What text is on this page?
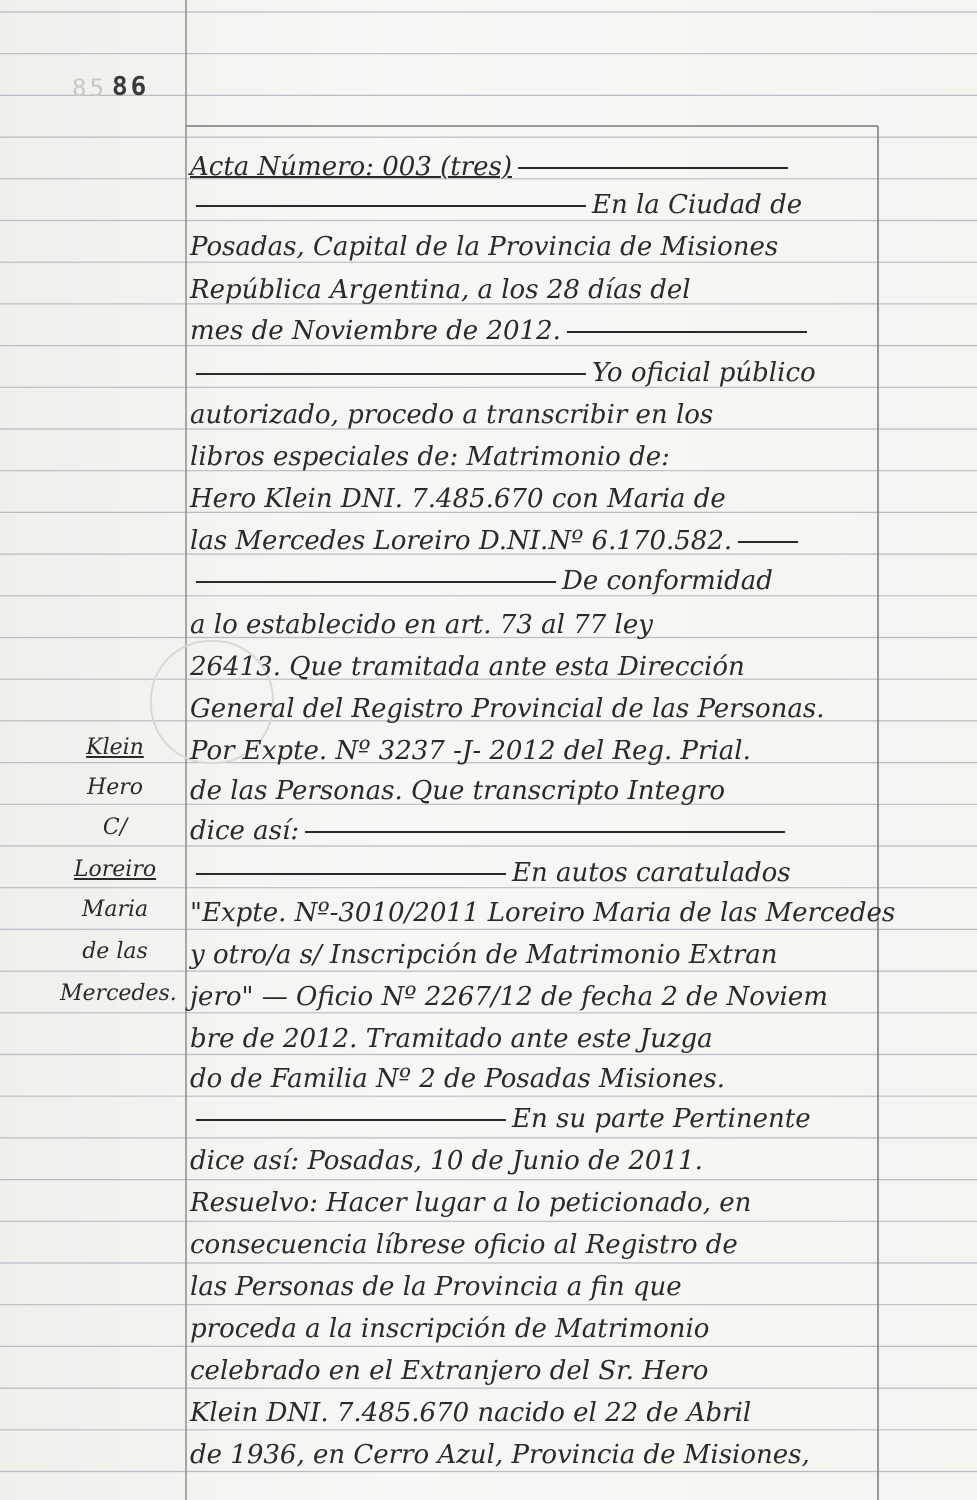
85 86
Acta Número: 003 (tres)
En la Ciudad de
Posadas, Capital de la Provincia de Misiones
República Argentina, a los 28 días del
mes de Noviembre de 2012.
Yo oficial público
autorizado, procedo a transcribir en los
libros especiales de: Matrimonio de:
Hero Klein DNI. 7.485.670 con Maria de
las Mercedes Loreiro D.NI.Nº 6.170.582.
De conformidad
a lo establecido en art. 73 al 77 ley
26413. Que tramitada ante esta Dirección
General del Registro Provincial de las Personas.
Por Expte. Nº 3237 -J- 2012 del Reg. Prial.
de las Personas. Que transcripto Integro
dice así:
En autos caratulados
"Expte. Nº-3010/2011 Loreiro Maria de las Mercedes
y otro/a s/ Inscripción de Matrimonio Extran
jero" — Oficio Nº 2267/12 de fecha 2 de Noviem
bre de 2012. Tramitado ante este Juzga
do de Familia Nº 2 de Posadas Misiones.
En su parte Pertinente
dice así: Posadas, 10 de Junio de 2011.
Resuelvo: Hacer lugar a lo peticionado, en
consecuencia líbrese oficio al Registro de
las Personas de la Provincia a fin que
proceda a la inscripción de Matrimonio
celebrado en el Extranjero del Sr. Hero
Klein DNI. 7.485.670 nacido el 22 de Abril
de 1936, en Cerro Azul, Provincia de Misiones,
Klein
Hero
C/
Loreiro
Maria
de las
Mercedes.
